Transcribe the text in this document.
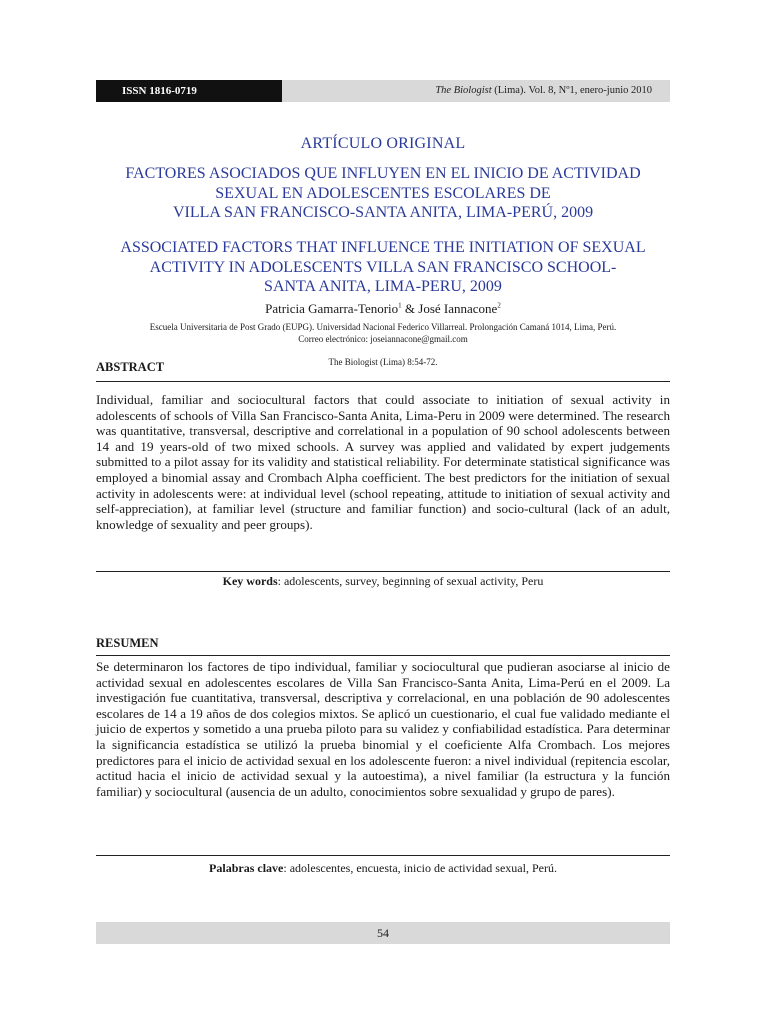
ISSN 1816-0719	The Biologist (Lima). Vol. 8, Nº1, enero-junio 2010
ARTÍCULO ORIGINAL
FACTORES ASOCIADOS QUE INFLUYEN EN EL INICIO DE ACTIVIDAD
SEXUAL EN ADOLESCENTES ESCOLARES DE
VILLA SAN FRANCISCO-SANTA ANITA, LIMA-PERÚ, 2009
ASSOCIATED FACTORS THAT INFLUENCE THE INITIATION OF SEXUAL
ACTIVITY IN ADOLESCENTS VILLA SAN FRANCISCO SCHOOL-
SANTA ANITA, LIMA-PERU, 2009
Patricia Gamarra-Tenorio$^1$ & José Iannacone$^2$
Escuela Universitaria de Post Grado (EUPG). Universidad Nacional Federico Villarreal. Prolongación Camaná 1014, Lima, Perú.
Correo electrónico: joseiannacone@gmail.com
The Biologist (Lima) 8:54-72.
ABSTRACT
Individual, familiar and sociocultural factors that could associate to initiation of sexual activity in adolescents of schools of Villa San Francisco-Santa Anita, Lima-Peru in 2009 were determined. The research was quantitative, transversal, descriptive and correlational in a population of 90 school adolescents between 14 and 19 years-old of two mixed schools. A survey was applied and validated by expert judgements submitted to a pilot assay for its validity and statistical reliability. For determinate statistical significance was employed a binomial assay and Crombach Alpha coefficient. The best predictors for the initiation of sexual activity in adolescents were: at individual level (school repeating, attitude to initiation of sexual activity and self-appreciation), at familiar level (structure and familiar function) and socio-cultural (lack of an adult, knowledge of sexuality and peer groups).
Key words: adolescents, survey, beginning of sexual activity, Peru
RESUMEN
Se determinaron los factores de tipo individual, familiar y sociocultural que pudieran asociarse al inicio de actividad sexual en adolescentes escolares de Villa San Francisco-Santa Anita, Lima-Perú en el 2009. La investigación fue cuantitativa, transversal, descriptiva y correlacional, en una población de 90 adolescentes escolares de 14 a 19 años de dos colegios mixtos. Se aplicó un cuestionario, el cual fue validado mediante el juicio de expertos y sometido a una prueba piloto para su validez y confiabilidad estadística. Para determinar la significancia estadística se utilizó la prueba binomial y el coeficiente Alfa Crombach. Los mejores predictores para el inicio de actividad sexual en los adolescente fueron: a nivel individual (repitencia escolar, actitud hacia el inicio de actividad sexual y la autoestima), a nivel familiar (la estructura y la función familiar) y sociocultural (ausencia de un adulto, conocimientos sobre sexualidad y grupo de pares).
Palabras clave: adolescentes, encuesta, inicio de actividad sexual, Perú.
54
